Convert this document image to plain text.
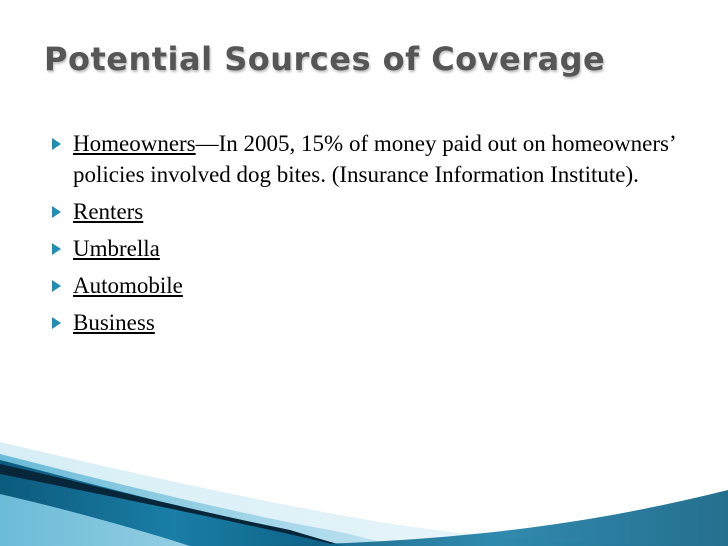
Potential Sources of Coverage
Homeowners—In 2005, 15% of money paid out on homeowners’ policies involved dog bites. (Insurance Information Institute).
Renters
Umbrella
Automobile
Business
